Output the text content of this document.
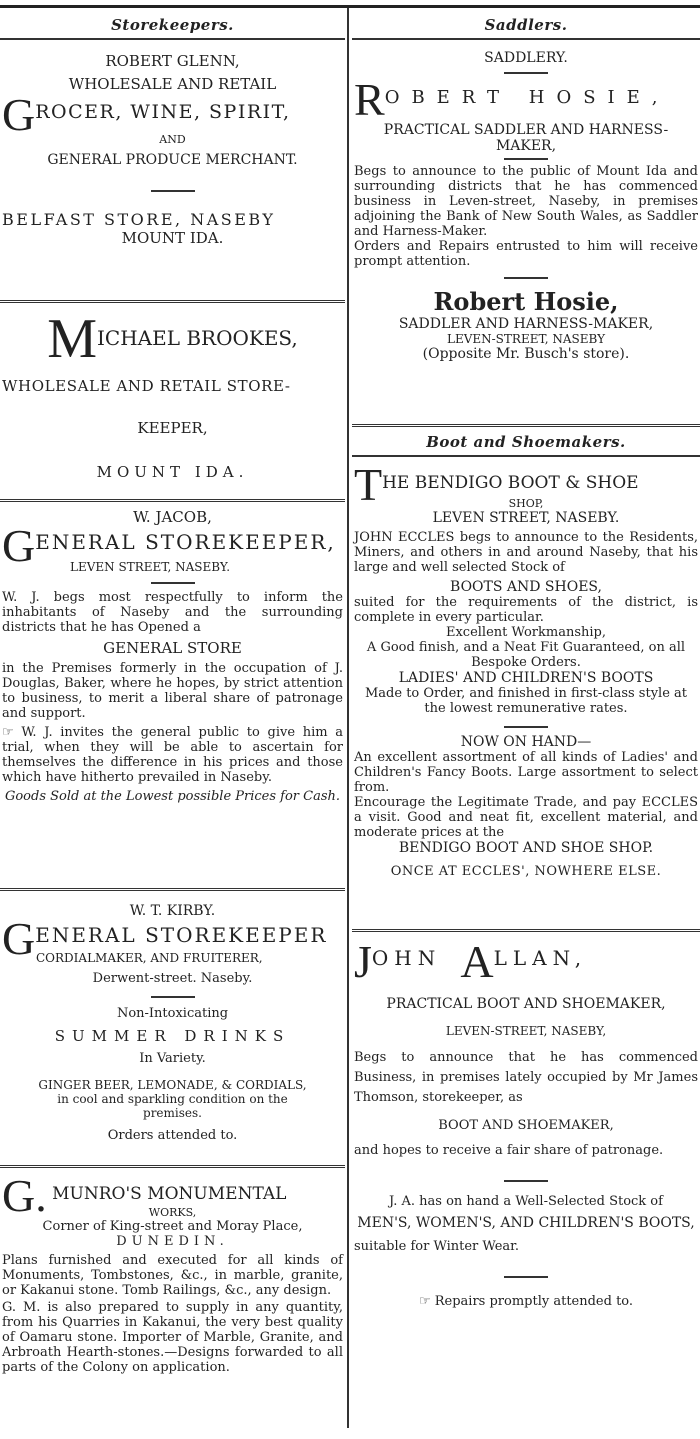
Storekeepers.

ROBERT GLENN,

WHOLESALE AND RETAIL

GROCER, WINE, SPIRIT,

AND

GENERAL PRODUCE MERCHANT.

BELFAST STORE, NASEBY

MOUNT IDA.

MICHAEL BROOKES,

WHOLESALE AND RETAIL STORE-

KEEPER,

MOUNT IDA.

W. JACOB,

GENERAL STOREKEEPER,

LEVEN STREET, NASEBY.

W. J. begs most respectfully to inform the inhabitants of Naseby and the surrounding districts that he has Opened a

GENERAL STORE

in the Premises formerly in the occupation of J. Douglas, Baker, where he hopes, by strict attention to business, to merit a liberal share of patronage and support.

☞ W. J. invites the general public to give him a trial, when they will be able to ascertain for themselves the difference in his prices and those which have hitherto prevailed in Naseby.

Goods Sold at the Lowest possible Prices for Cash.

W. T. KIRBY.

GENERAL STOREKEEPER

CORDIALMAKER, AND FRUITERER,

Derwent-street. Naseby.

Non-Intoxicating

SUMMER DRINKS

In Variety.

GINGER BEER, LEMONADE, & CORDIALS,

in cool and sparkling condition on the premises.

Orders attended to.

G. MUNRO'S MONUMENTAL

WORKS,

Corner of King-street and Moray Place,

DUNEDIN.

Plans furnished and executed for all kinds of Monuments, Tombstones, &c., in marble, granite, or Kakanui stone. Tomb Railings, &c., any design.

G. M. is also prepared to supply in any quantity, from his Quarries in Kakanui, the very best quality of Oamaru stone. Importer of Marble, Granite, and Arbroath Hearth-stones.—Designs forwarded to all parts of the Colony on application.

Saddlers.

SADDLERY.

ROBERT HOSIE,

PRACTICAL SADDLER AND HARNESS-MAKER,

Begs to announce to the public of Mount Ida and surrounding districts that he has commenced business in Leven-street, Naseby, in premises adjoining the Bank of New South Wales, as Saddler and Harness-Maker.

Orders and Repairs entrusted to him will receive prompt attention.

Robert Hosie,

SADDLER AND HARNESS-MAKER,

LEVEN-STREET, NASEBY

(Opposite Mr. Busch's store).

Boot and Shoemakers.

THE BENDIGO BOOT & SHOE

SHOP,

LEVEN STREET, NASEBY.

JOHN ECCLES begs to announce to the Residents, Miners, and others in and around Naseby, that his large and well selected Stock of

BOOTS AND SHOES,

suited for the requirements of the district, is complete in every particular.

Excellent Workmanship,

A Good finish, and a Neat Fit Guaranteed, on all Bespoke Orders.

LADIES' AND CHILDREN'S BOOTS

Made to Order, and finished in first-class style at the lowest remunerative rates.

NOW ON HAND—

An excellent assortment of all kinds of Ladies' and Children's Fancy Boots. Large assortment to select from.

Encourage the Legitimate Trade, and pay ECCLES a visit. Good and neat fit, excellent material, and moderate prices at the

BENDIGO BOOT AND SHOE SHOP.

ONCE AT ECCLES', NOWHERE ELSE.

JOHN ALLAN,

PRACTICAL BOOT AND SHOEMAKER,

LEVEN-STREET, NASEBY,

Begs to announce that he has commenced Business, in premises lately occupied by Mr James Thomson, storekeeper, as

BOOT AND SHOEMAKER,

and hopes to receive a fair share of patronage.

J. A. has on hand a Well-Selected Stock of

MEN'S, WOMEN'S, AND CHILDREN'S BOOTS,

suitable for Winter Wear.

☞ Repairs promptly attended to.
